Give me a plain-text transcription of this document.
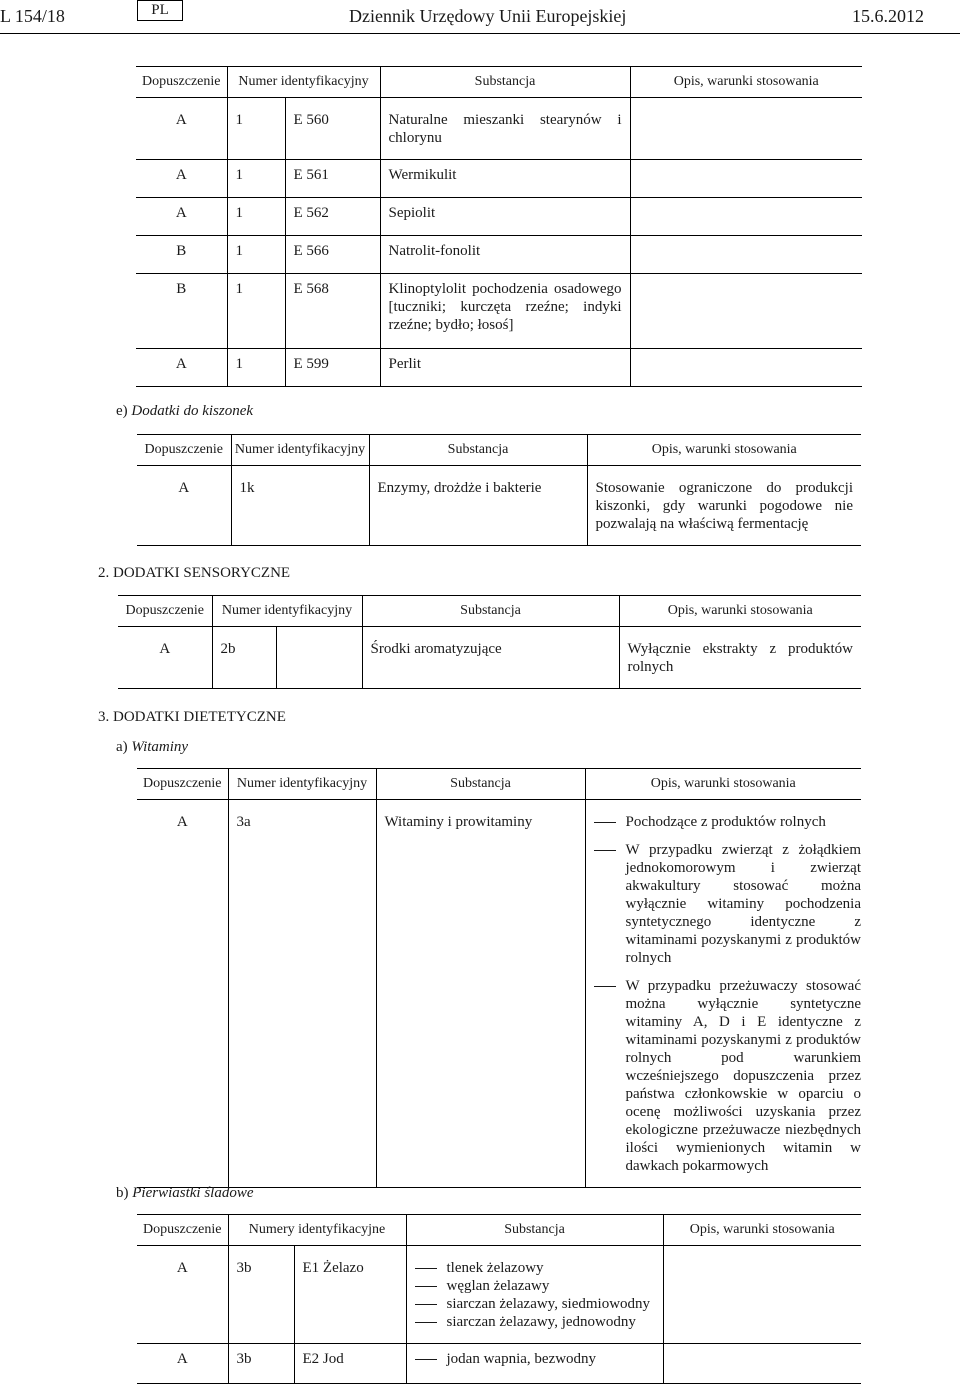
L 154/18	PL	Dziennik Urzędowy Unii Europejskiej	15.6.2012
Dopuszczenie	Numer identyfikacyjny		Substancja	Opis, warunki stosowania
A	1	E 560	Naturalne mieszanki stearynów i chlorynu	
A	1	E 561	Wermikulit	
A	1	E 562	Sepiolit	
B	1	E 566	Natrolit-fonolit	
B	1	E 568	Klinoptylolit pochodzenia osadowego [tuczniki; kurczęta rzeźne; indyki rzeźne; bydło; łosoś]	
A	1	E 599	Perlit	
e) Dodatki do kiszonek
Dopuszczenie	Numer identyfikacyjny	Substancja	Opis, warunki stosowania
A	1k	Enzymy, drożdże i bakterie	Stosowanie ograniczone do produkcji kiszonki, gdy warunki pogodowe nie pozwalają na właściwą fermentację
2. DODATKI SENSORYCZNE
Dopuszczenie	Numer identyfikacyjny		Substancja	Opis, warunki stosowania
A	2b		Środki aromatyzujące	Wyłącznie ekstrakty z produktów rolnych
3. DODATKI DIETETYCZNE
a) Witaminy
Dopuszczenie	Numer identyfikacyjny	Substancja	Opis, warunki stosowania
A	3a	Witaminy i prowitaminy	Pochodzące z produktów rolnych
W przypadku zwierząt z żołądkiem jednokomorowym i zwierząt akwakultury stosować można wyłącznie witaminy pochodzenia syntetycznego identyczne z witaminami pozyskanymi z produktów rolnych
W przypadku przeżuwaczy stosować można wyłącznie syntetyczne witaminy A, D i E identyczne z witaminami pozyskanymi z produktów rolnych pod warunkiem wcześniejszego dopuszczenia przez państwa członkowskie w oparciu o ocenę możliwości uzyskania przez ekologiczne przeżuwacze niezbędnych ilości wymienionych witamin w dawkach pokarmowych
b) Pierwiastki śladowe
Dopuszczenie	Numery identyfikacyjne		Substancja	Opis, warunki stosowania
A	3b	E1 Żelazo	tlenek żelazowy
węglan żelazawy
siarczan żelazawy, siedmiowodny
siarczan żelazawy, jednowodny	

A	3b	E2 Jod	jodan wapnia, bezwodny	
